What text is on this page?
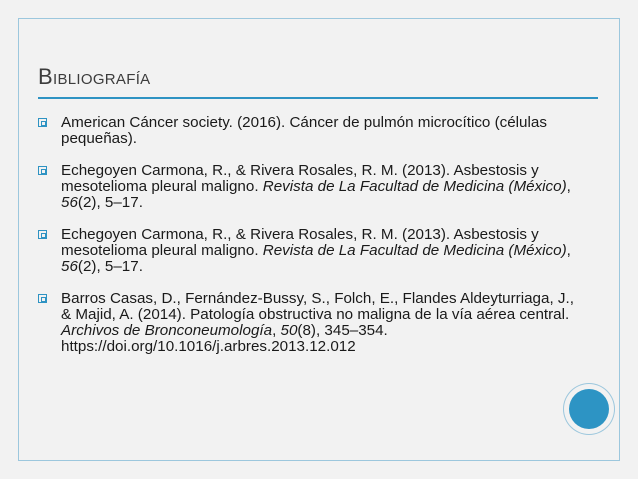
Bibliografía
American Cáncer society. (2016). Cáncer de pulmón microcítico (células pequeñas).
Echegoyen Carmona, R., & Rivera Rosales, R. M. (2013). Asbestosis y mesotelioma pleural maligno. Revista de La Facultad de Medicina (México), 56(2), 5–17.
Echegoyen Carmona, R., & Rivera Rosales, R. M. (2013). Asbestosis y mesotelioma pleural maligno. Revista de La Facultad de Medicina (México), 56(2), 5–17.
Barros Casas, D., Fernández-Bussy, S., Folch, E., Flandes Aldeyturriaga, J., & Majid, A. (2014). Patología obstructiva no maligna de la vía aérea central. Archivos de Bronconeumología, 50(8), 345–354. https://doi.org/10.1016/j.arbres.2013.12.012
